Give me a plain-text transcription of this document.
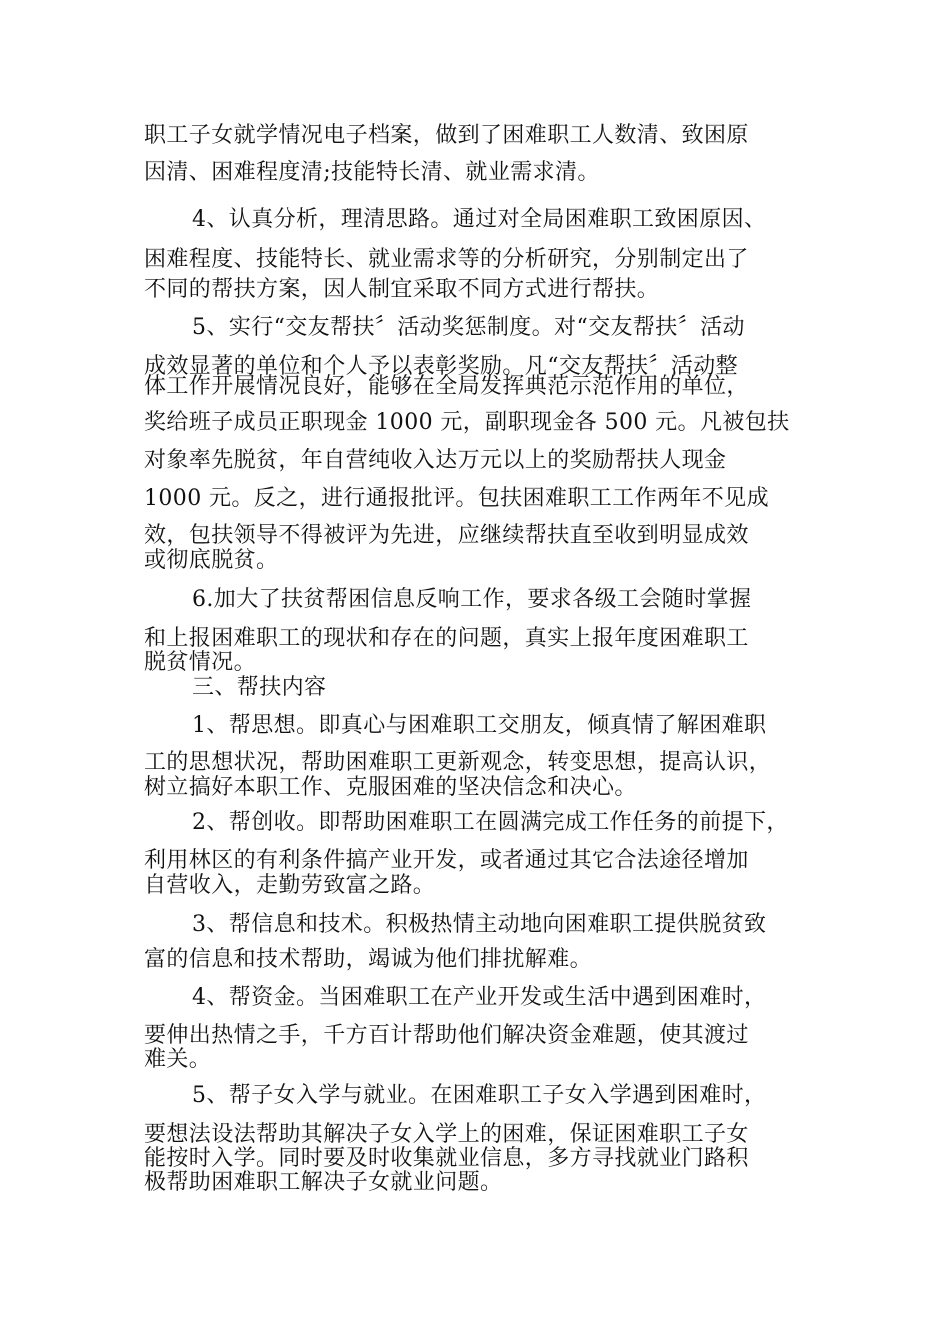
职工子女就学情况电子档案，做到了困难职工人数清、致困原

因清、困难程度清;技能特长清、就业需求清。

4、认真分析，理清思路。通过对全局困难职工致困原因、

困难程度、技能特长、就业需求等的分析研究，分别制定出了

不同的帮扶方案，因人制宜采取不同方式进行帮扶。

5、实行“交友帮扶〞活动奖惩制度。对“交友帮扶〞活动

成效显著的单位和个人予以表彰奖励。凡“交友帮扶〞活动整

体工作开展情况良好，能够在全局发挥典范示范作用的单位，

奖给班子成员正职现金 1000 元，副职现金各 500 元。凡被包扶

对象率先脱贫，年自营纯收入达万元以上的奖励帮扶人现金

1000 元。反之，进行通报批评。包扶困难职工工作两年不见成

效，包扶领导不得被评为先进，应继续帮扶直至收到明显成效

或彻底脱贫。

6.加大了扶贫帮困信息反响工作，要求各级工会随时掌握

和上报困难职工的现状和存在的问题，真实上报年度困难职工

脱贫情况。

三、帮扶内容

1、帮思想。即真心与困难职工交朋友，倾真情了解困难职

工的思想状况，帮助困难职工更新观念，转变思想，提高认识，

树立搞好本职工作、克服困难的坚决信念和决心。

2、帮创收。即帮助困难职工在圆满完成工作任务的前提下，

利用林区的有利条件搞产业开发，或者通过其它合法途径增加

自营收入，走勤劳致富之路。

3、帮信息和技术。积极热情主动地向困难职工提供脱贫致

富的信息和技术帮助，竭诚为他们排扰解难。

4、帮资金。当困难职工在产业开发或生活中遇到困难时，

要伸出热情之手，千方百计帮助他们解决资金难题，使其渡过

难关。

5、帮子女入学与就业。在困难职工子女入学遇到困难时，

要想法设法帮助其解决子女入学上的困难，保证困难职工子女

能按时入学。同时要及时收集就业信息，多方寻找就业门路积

极帮助困难职工解决子女就业问题。
